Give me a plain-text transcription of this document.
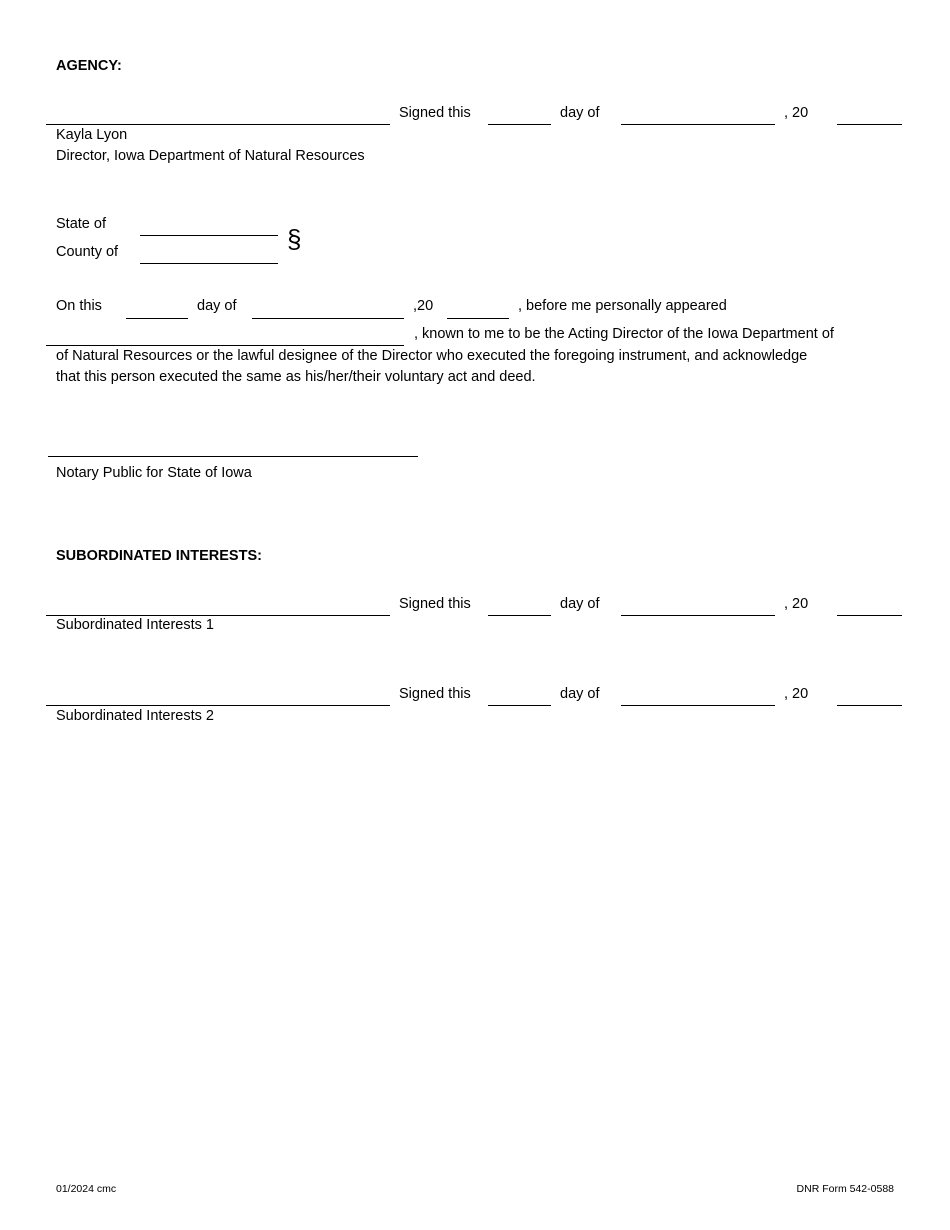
AGENCY:
Signed this	day of	, 20
Kayla Lyon
Director, Iowa Department of Natural Resources
State of
County of	§
On this	day of	,20	, before me personally appeared
, known to me to be the Acting Director of the Iowa Department of
of Natural Resources or the lawful designee of the Director who executed the foregoing instrument, and acknowledge
that this person executed the same as his/her/their voluntary act and deed.
Notary Public for State of Iowa
SUBORDINATED INTERESTS:
Signed this	day of	, 20
Subordinated Interests 1
Signed this	day of	, 20
Subordinated Interests 2
01/2024 cmc	DNR Form 542-0588
